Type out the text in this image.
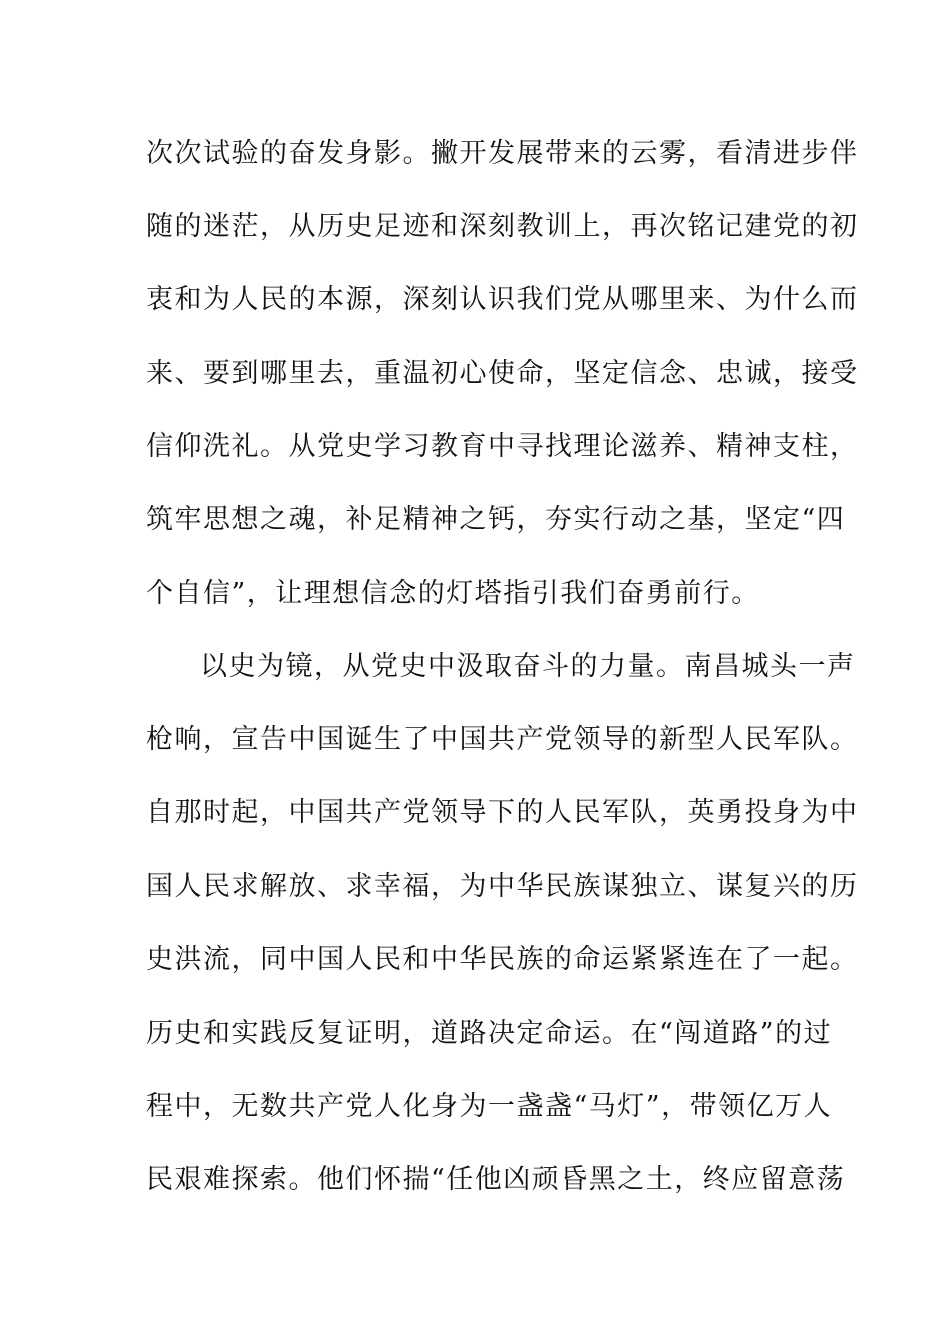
次次试验的奋发身影。撇开发展带来的云雾，看清进步伴
随的迷茫，从历史足迹和深刻教训上，再次铭记建党的初
衷和为人民的本源，深刻认识我们党从哪里来、为什么而
来、要到哪里去，重温初心使命，坚定信念、忠诚，接受
信仰洗礼。从党史学习教育中寻找理论滋养、精神支柱，
筑牢思想之魂，补足精神之钙，夯实行动之基，坚定“四
个自信”，让理想信念的灯塔指引我们奋勇前行。
以史为镜，从党史中汲取奋斗的力量。南昌城头一声
枪响，宣告中国诞生了中国共产党领导的新型人民军队。
自那时起，中国共产党领导下的人民军队，英勇投身为中
国人民求解放、求幸福，为中华民族谋独立、谋复兴的历
史洪流，同中国人民和中华民族的命运紧紧连在了一起。
历史和实践反复证明，道路决定命运。在“闯道路”的过
程中，无数共产党人化身为一盏盏“马灯”，带领亿万人
民艰难探索。他们怀揣“任他凶顽昏黑之土，终应留意荡
